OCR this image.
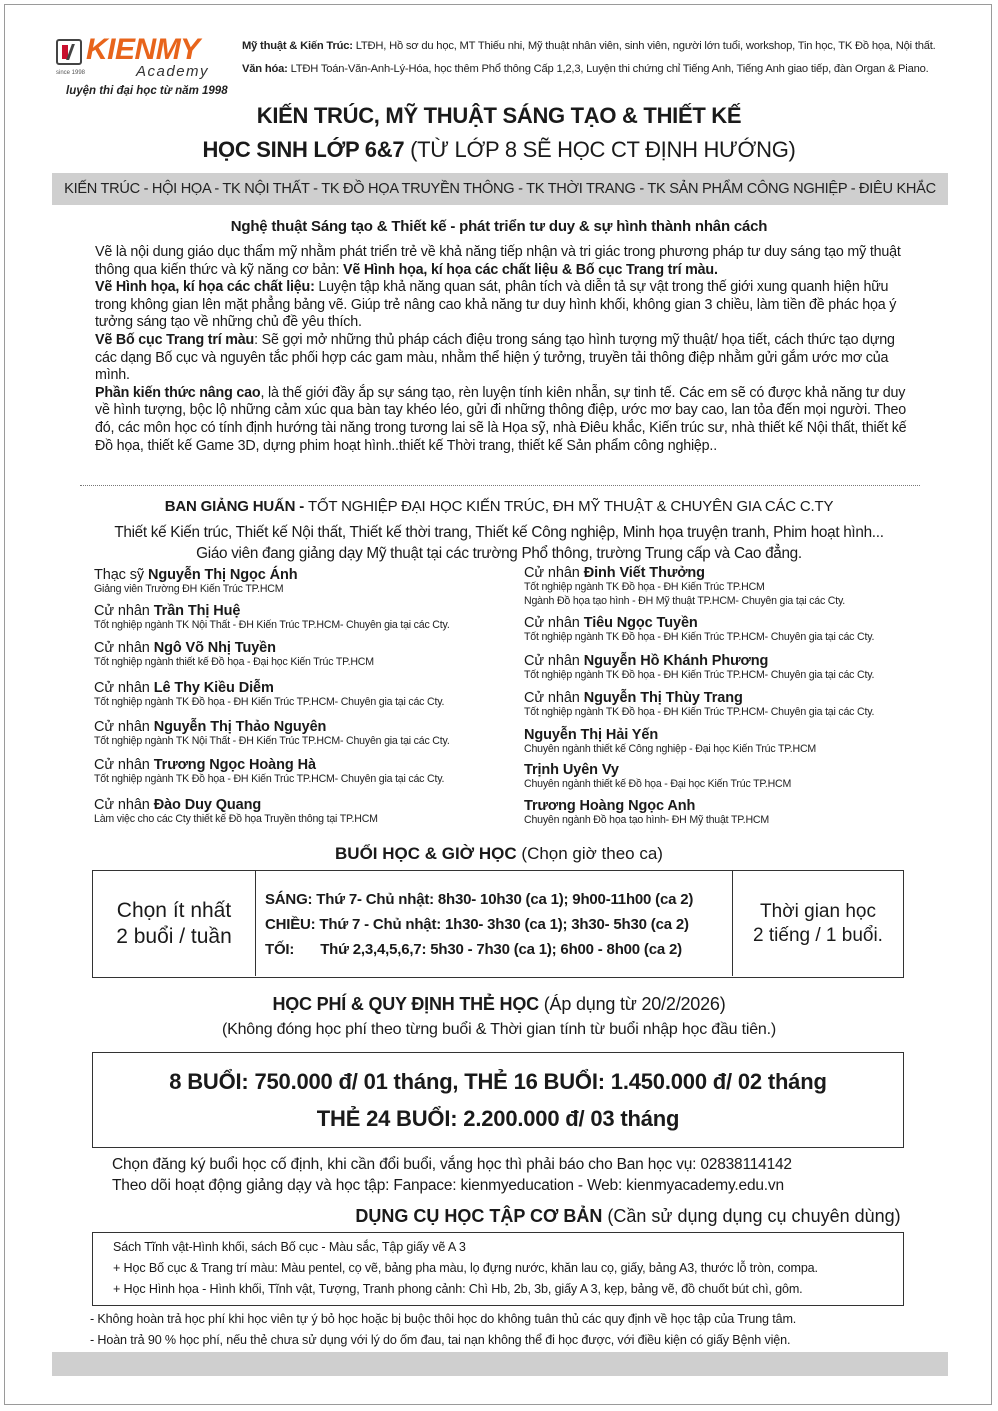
KIENMY
Academy
since 1998
luyện thi đại học từ năm 1998
Mỹ thuật & Kiến Trúc: LTĐH, Hồ sơ du học, MT Thiếu nhi, Mỹ thuật nhân viên, sinh viên, người lớn tuổi, workshop, Tin học, TK Đồ họa, Nội thất.
Văn hóa: LTĐH Toán-Văn-Anh-Lý-Hóa, học thêm Phổ thông Cấp 1,2,3, Luyện thi chứng chỉ Tiếng Anh, Tiếng Anh giao tiếp, đàn Organ & Piano.
KIẾN TRÚC, MỸ THUẬT SÁNG TẠO & THIẾT KẾ
HỌC SINH LỚP 6&7 (TỪ LỚP 8 SẼ HỌC CT ĐỊNH HƯỚNG)
KIẾN TRÚC - HỘI HỌA - TK NỘI THẤT - TK ĐỒ HỌA TRUYỀN THÔNG - TK THỜI TRANG - TK SẢN PHẨM CÔNG NGHIỆP - ĐIÊU KHẮC
Nghệ thuật Sáng tạo & Thiết kế - phát triển tư duy & sự hình thành nhân cách
Vẽ là nội dung giáo dục thẩm mỹ nhằm phát triển trẻ về khả năng tiếp nhận và tri giác trong phương pháp tư duy sáng tạo mỹ thuật thông qua kiến thức và kỹ năng cơ bản: Vẽ Hình họa, kí họa các chất liệu & Bố cục Trang trí màu.
Vẽ Hình họa, kí họa các chất liệu: Luyện tập khả năng quan sát, phân tích và diễn tả sự vật trong thế giới xung quanh hiện hữu trong không gian lên mặt phẳng bảng vẽ. Giúp trẻ nâng cao khả năng tư duy hình khối, không gian 3 chiều, làm tiền đề phác họa ý tưởng sáng tạo về những chủ đề yêu thích.
Vẽ Bố cục Trang trí màu: Sẽ gợi mở những thủ pháp cách điệu trong sáng tạo hình tượng mỹ thuật/ họa tiết, cách thức tạo dựng các dạng Bố cục và nguyên tắc phối hợp các gam màu, nhằm thể hiện ý tưởng, truyền tải thông điệp nhằm gửi gắm ước mơ của mình.
Phần kiến thức nâng cao, là thế giới đầy ắp sự sáng tạo, rèn luyện tính kiên nhẫn, sự tinh tế. Các em sẽ có được khả năng tư duy về hình tượng, bộc lộ những cảm xúc qua bàn tay khéo léo, gửi đi những thông điệp, ước mơ bay cao, lan tỏa đến mọi người. Theo đó, các môn học có tính định hướng tài năng trong tương lai sẽ là Họa sỹ, nhà Điêu khắc, Kiến trúc sư, nhà thiết kế Nội thất, thiết kế Đồ họa, thiết kế Game 3D, dựng phim hoạt hình..thiết kế Thời trang, thiết kế Sản phẩm công nghiệp..
BAN GIẢNG HUẤN - TỐT NGHIỆP ĐẠI HỌC KIẾN TRÚC, ĐH MỸ THUẬT & CHUYÊN GIA CÁC C.TY
Thiết kế Kiến trúc, Thiết kế Nội thất, Thiết kế thời trang, Thiết kế Công nghiệp, Minh họa truyện tranh, Phim hoạt hình...
Giáo viên đang giảng dạy Mỹ thuật tại các trường Phổ thông, trường Trung cấp và Cao đẳng.
Thạc sỹ Nguyễn Thị Ngọc Ánh
Giảng viên Trường ĐH Kiến Trúc TP.HCM
Cử nhân Trần Thị Huệ
Tốt nghiệp ngành TK Nội Thất - ĐH Kiến Trúc TP.HCM- Chuyên gia tại các Cty.
Cử nhân Ngô Võ Nhị Tuyền
Tốt nghiệp ngành thiết kế Đồ họa - Đại học Kiến Trúc TP.HCM
Cử nhân Lê Thy Kiều Diễm
Tốt nghiệp ngành TK Đồ họa - ĐH Kiến Trúc TP.HCM- Chuyên gia tại các Cty.
Cử nhân Nguyễn Thị Thảo Nguyên
Tốt nghiệp ngành TK Nội Thất - ĐH Kiến Trúc TP.HCM- Chuyên gia tại các Cty.
Cử nhân Trương Ngọc Hoàng Hà
Tốt nghiệp ngành TK Đồ họa - ĐH Kiến Trúc TP.HCM- Chuyên gia tại các Cty.
Cử nhân Đào Duy Quang
Làm việc cho các Cty thiết kế Đồ họa Truyền thông tại TP.HCM
Cử nhân Đinh Viết Thưởng
Tốt nghiệp ngành TK Đồ họa - ĐH Kiến Trúc TP.HCM
Ngành Đồ họa tạo hình - ĐH Mỹ thuật TP.HCM- Chuyên gia tại các Cty.
Cử nhân Tiêu Ngọc Tuyền
Tốt nghiệp ngành TK Đồ họa - ĐH Kiến Trúc TP.HCM- Chuyên gia tại các Cty.
Cử nhân Nguyễn Hồ Khánh Phương
Tốt nghiệp ngành TK Đồ họa - ĐH Kiến Trúc TP.HCM- Chuyên gia tại các Cty.
Cử nhân Nguyễn Thị Thùy Trang
Tốt nghiệp ngành TK Đồ họa - ĐH Kiến Trúc TP.HCM- Chuyên gia tại các Cty.
Nguyễn Thị Hải Yến
Chuyên ngành thiết kế Công nghiệp - Đại học Kiến Trúc TP.HCM
Trịnh Uyên Vy
Chuyên ngành thiết kế Đồ họa - Đại học Kiến Trúc TP.HCM
Trương Hoàng Ngọc Anh
Chuyên ngành Đồ họa tạo hình- ĐH Mỹ thuật TP.HCM
BUỔI HỌC & GIỜ HỌC (Chọn giờ theo ca)
Chọn ít nhất
2 buổi / tuần
SÁNG: Thứ 7- Chủ nhật: 8h30- 10h30 (ca 1); 9h00-11h00 (ca 2)
CHIỀU: Thứ 7 - Chủ nhật: 1h30- 3h30 (ca 1); 3h30- 5h30 (ca 2)
TỐI: Thứ 2,3,4,5,6,7: 5h30 - 7h30 (ca 1); 6h00 - 8h00 (ca 2)
Thời gian học
2 tiếng / 1 buổi.
HỌC PHÍ & QUY ĐỊNH THẺ HỌC (Áp dụng từ 20/2/2026)
(Không đóng học phí theo từng buổi & Thời gian tính từ buổi nhập học đầu tiên.)
8 BUỔI: 750.000 đ/ 01 tháng, THẺ 16 BUỔI: 1.450.000 đ/ 02 tháng
THẺ 24 BUỔI: 2.200.000 đ/ 03 tháng
Chọn đăng ký buổi học cố định, khi cần đổi buổi, vắng học thì phải báo cho Ban học vụ: 02838114142
Theo dõi hoạt động giảng dạy và học tập: Fanpace: kienmyeducation - Web: kienmyacademy.edu.vn
DỤNG CỤ HỌC TẬP CƠ BẢN (Cần sử dụng dụng cụ chuyên dùng)
Sách Tĩnh vật-Hình khối, sách Bố cục - Màu sắc, Tập giấy vẽ A 3
+ Học Bố cục & Trang trí màu: Màu pentel, cọ vẽ, bảng pha màu, lọ đựng nước, khăn lau cọ, giấy, bảng A3, thước lỗ tròn, compa.
+ Học Hình họa - Hình khối, Tĩnh vật, Tượng, Tranh phong cảnh: Chì Hb, 2b, 3b, giấy A 3, kẹp, bảng vẽ, đồ chuốt bút chì, gôm.
- Không hoàn trả học phí khi học viên tự ý bỏ học hoặc bị buộc thôi học do không tuân thủ các quy định về học tập của Trung tâm.
- Hoàn trả 90 % học phí, nếu thẻ chưa sử dụng với lý do ốm đau, tai nạn không thể đi học được, với điều kiện có giấy Bệnh viện.
